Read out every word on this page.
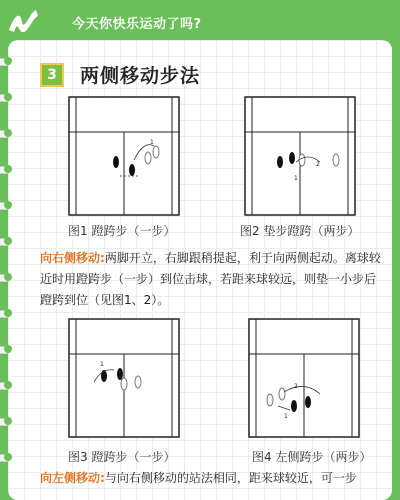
今天你快乐运动了吗?
3	两侧移动步法
1
图1 蹬跨步（一步）
1
2
图2 垫步蹬跨（两步）
向右侧移动:两脚开立，右脚跟稍提起，利于向两侧起动。离球较近时用蹬跨步（一步）到位击球，若距来球较远，则垫一小步后蹬跨到位（见图1、2）。
1
图3 蹬跨步（一步）
2
1
图4 左侧跨步（两步）
向左侧移动:与向右侧移动的站法相同，距来球较近，可一步
